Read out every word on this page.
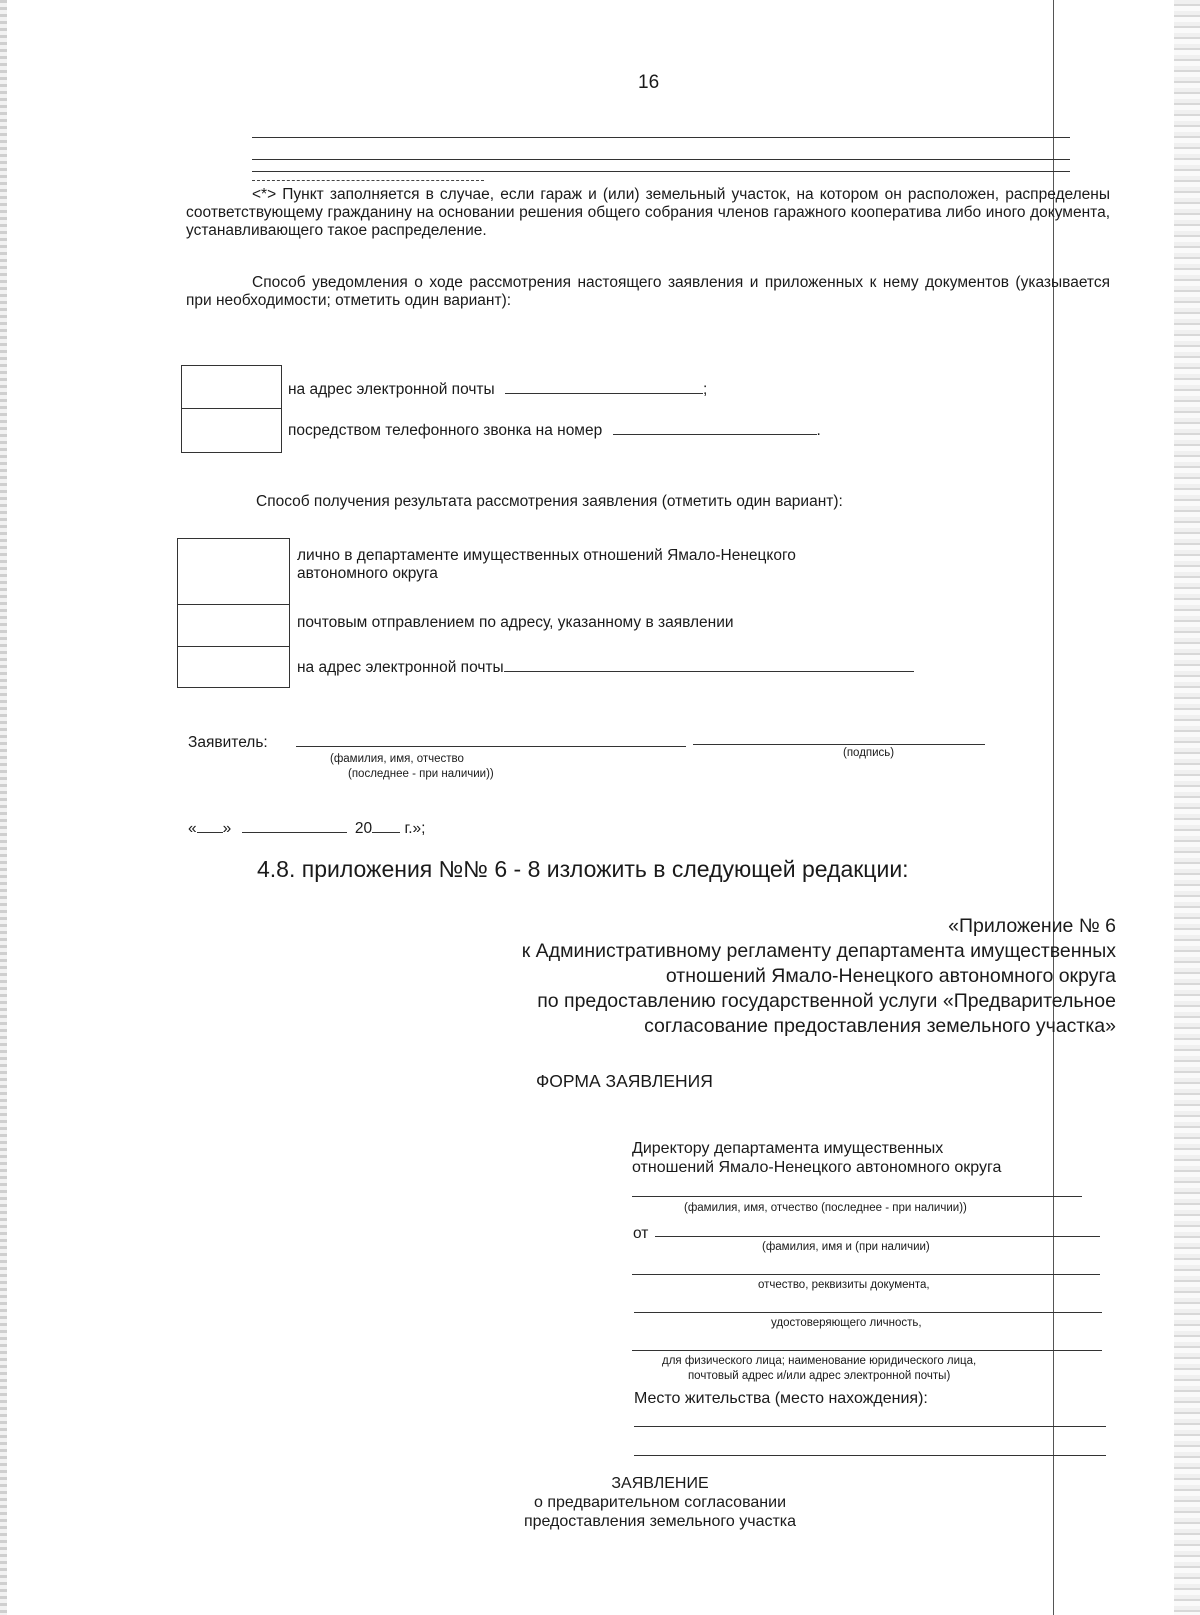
16
<*> Пункт заполняется в случае, если гараж и (или) земельный участок, на котором он расположен, распределены соответствующему гражданину на основании решения общего собрания членов гаражного кооператива либо иного документа, устанавливающего такое распределение.
Способ уведомления о ходе рассмотрения настоящего заявления и приложенных к нему документов (указывается при необходимости; отметить один вариант):
на адрес электронной почты	;
посредством телефонного звонка на номер	.
Способ получения результата рассмотрения заявления (отметить один вариант):
лично в департаменте имущественных отношений Ямало-Ненецкого
автономного округа
почтовым отправлением по адресу, указанному в заявлении
на адрес электронной почты
Заявитель:
(фамилия, имя, отчество
(последнее - при наличии))
(подпись)
« »	20 г.»;
4.8. приложения №№ 6 - 8 изложить в следующей редакции:
«Приложение № 6
к Административному регламенту департамента имущественных
отношений Ямало-Ненецкого автономного округа
по предоставлению государственной услуги «Предварительное
согласование предоставления земельного участка»
ФОРМА ЗАЯВЛЕНИЯ
Директору департамента имущественных
отношений Ямало-Ненецкого автономного округа
(фамилия, имя, отчество (последнее - при наличии))
от
(фамилия, имя и (при наличии)
отчество, реквизиты документа,
удостоверяющего личность,
для физического лица; наименование юридического лица,
почтовый адрес и/или адрес электронной почты)
Место жительства (место нахождения):
ЗАЯВЛЕНИЕ
о предварительном согласовании
предоставления земельного участка
